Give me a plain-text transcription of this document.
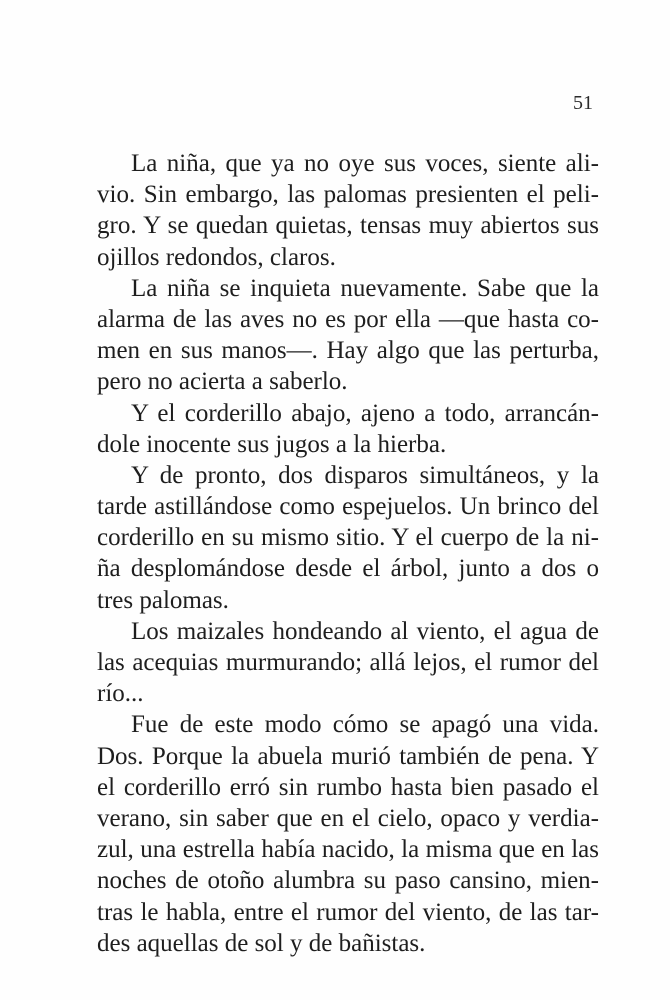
51
La niña, que ya no oye sus voces, siente ali-
vio. Sin embargo, las palomas presienten el peli-
gro. Y se quedan quietas, tensas muy abiertos sus
ojillos redondos, claros.
La niña se inquieta nuevamente. Sabe que la
alarma de las aves no es por ella —que hasta co-
men en sus manos—. Hay algo que las perturba,
pero no acierta a saberlo.
Y el corderillo abajo, ajeno a todo, arrancán-
dole inocente sus jugos a la hierba.
Y de pronto, dos disparos simultáneos, y la
tarde astillándose como espejuelos. Un brinco del
corderillo en su mismo sitio. Y el cuerpo de la ni-
ña desplomándose desde el árbol, junto a dos o
tres palomas.
Los maizales hondeando al viento, el agua de
las acequias murmurando; allá lejos, el rumor del
río...
Fue de este modo cómo se apagó una vida.
Dos. Porque la abuela murió también de pena. Y
el corderillo erró sin rumbo hasta bien pasado el
verano, sin saber que en el cielo, opaco y verdia-
zul, una estrella había nacido, la misma que en las
noches de otoño alumbra su paso cansino, mien-
tras le habla, entre el rumor del viento, de las tar-
des aquellas de sol y de bañistas.
